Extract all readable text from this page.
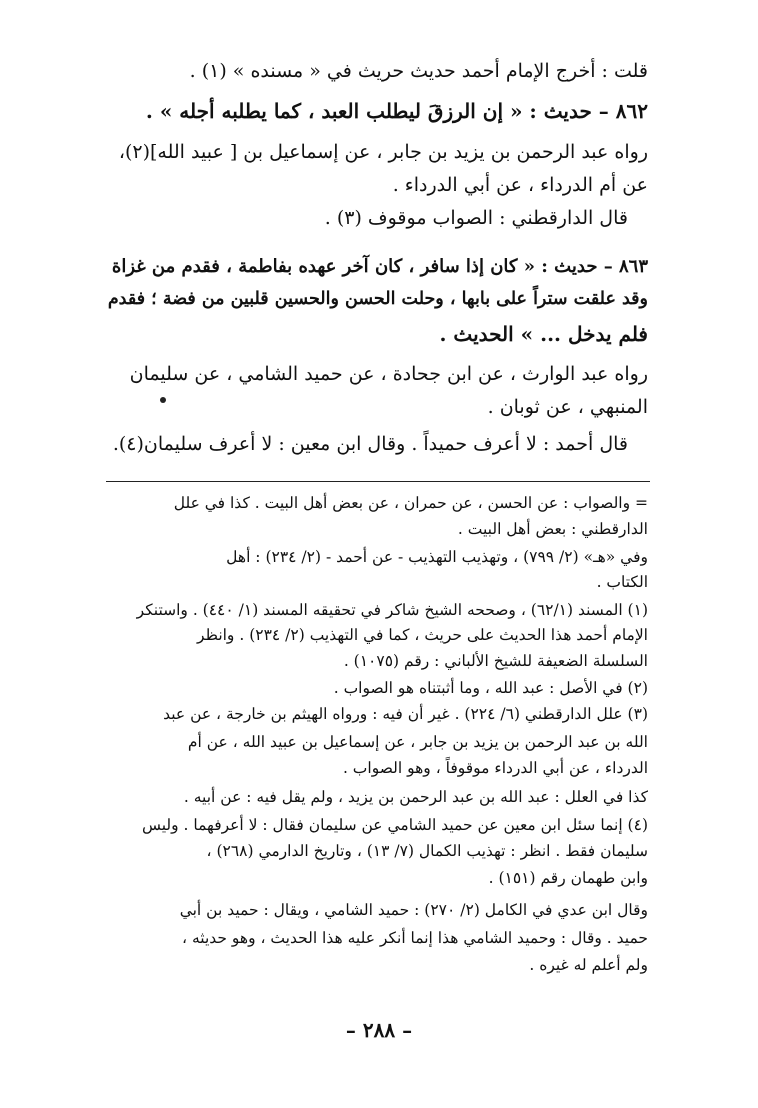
قلت : أخرج الإمام أحمد حديث حريث في « مسنده » (١) .
٨٦٢ – حديث : « إن الرزقَ ليطلب العبد ، كما يطلبه أجله » .
رواه عبد الرحمن بن يزيد بن جابر ، عن إسماعيل بن [ عبيد الله](٢)،
عن أم الدرداء ، عن أبي الدرداء .
قال الدارقطني : الصواب موقوف (٣) .
٨٦٣ – حديث : « كان إذا سافر ، كان آخر عهده بفاطمة ، فقدم من غزاة
وقد علقت ستراً على بابها ، وحلت الحسن والحسين قلبين من فضة ؛ فقدم
فلم يدخل ... » الحديث .
رواه عبد الوارث ، عن ابن جحادة ، عن حميد الشامي ، عن سليمان
المنبهي ، عن ثوبان .
قال أحمد : لا أعرف حميداً . وقال ابن معين : لا أعرف سليمان(٤).
= والصواب : عن الحسن ، عن حمران ، عن بعض أهل البيت . كذا في علل
الدارقطني : بعض أهل البيت .
وفي «هـ» (٢/ ٧٩٩) ، وتهذيب التهذيب - عن أحمد - (٢/ ٢٣٤) : أهل
الكتاب .
(١) المسند (٦٢/١) ، وصححه الشيخ شاكر في تحقيقه المسند (١/ ٤٤٠) . واستنكر
الإمام أحمد هذا الحديث على حريث ، كما في التهذيب (٢/ ٢٣٤) . وانظر
السلسلة الضعيفة للشيخ الألباني : رقم (١٠٧٥) .
(٢) في الأصل : عبد الله ، وما أثبتناه هو الصواب .
(٣) علل الدارقطني (٦/ ٢٢٤) . غير أن فيه : ورواه الهيثم بن خارجة ، عن عبد
الله بن عبد الرحمن بن يزيد بن جابر ، عن إسماعيل بن عبيد الله ، عن أم
الدرداء ، عن أبي الدرداء موقوفاً ، وهو الصواب .
كذا في العلل : عبد الله بن عبد الرحمن بن يزيد ، ولم يقل فيه : عن أبيه .
(٤) إنما سئل ابن معين عن حميد الشامي عن سليمان فقال : لا أعرفهما . وليس
سليمان فقط . انظر : تهذيب الكمال (٧/ ١٣) ، وتاريخ الدارمي (٢٦٨) ،
وابن طهمان رقم (١٥١) .
وقال ابن عدي في الكامل (٢/ ٢٧٠) : حميد الشامي ، ويقال : حميد بن أبي
حميد . وقال : وحميد الشامي هذا إنما أنكر عليه هذا الحديث ، وهو حديثه ،
ولم أعلم له غيره .
– ٢٨٨ –
